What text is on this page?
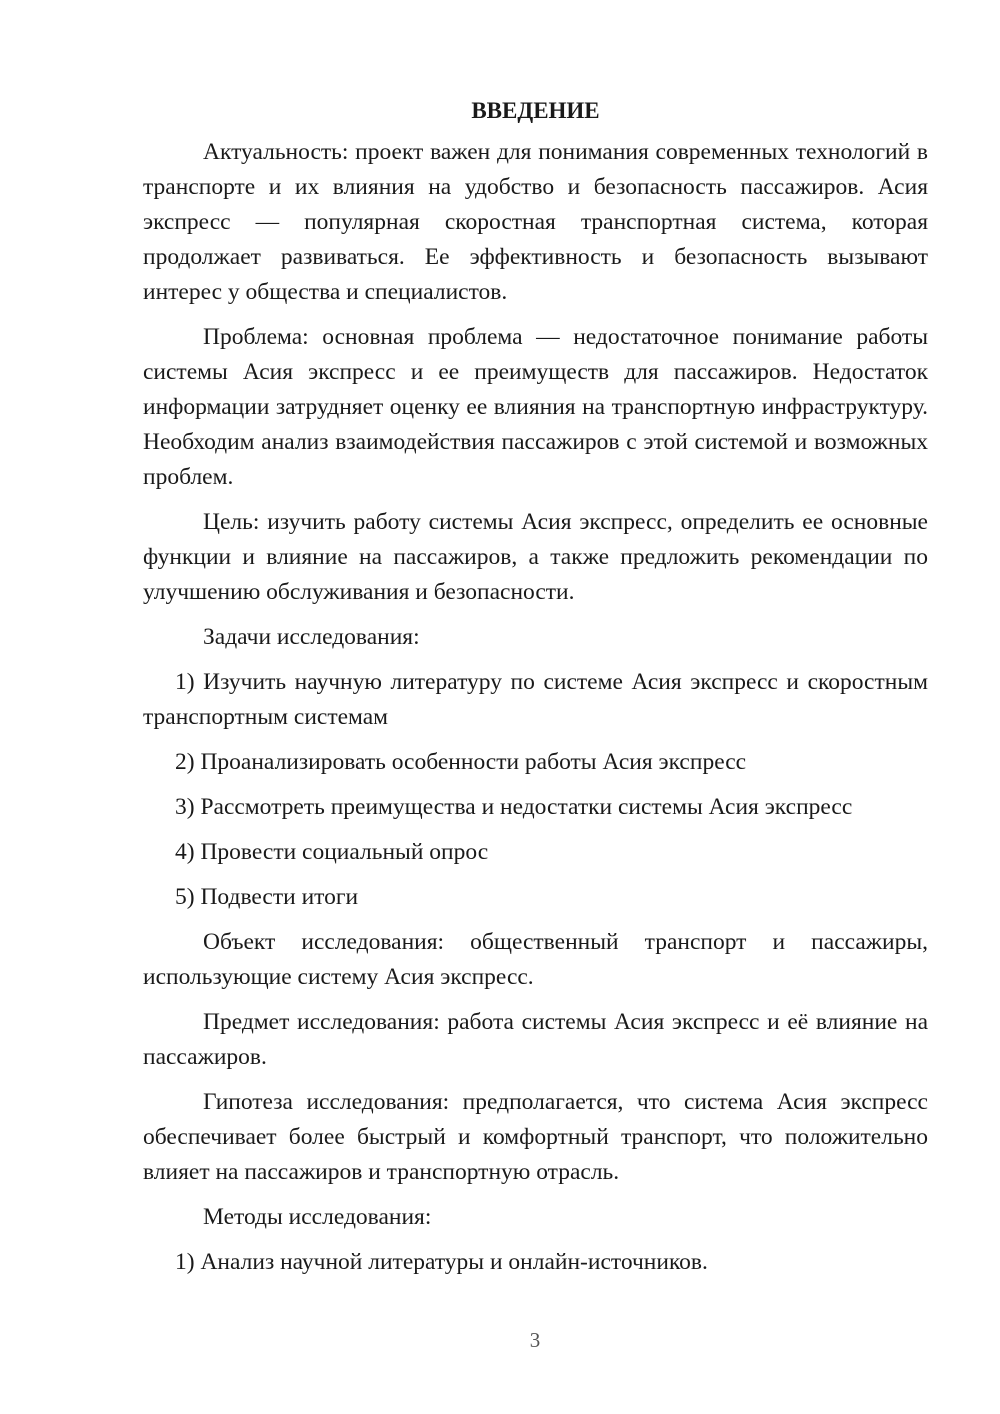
ВВЕДЕНИЕ

Актуальность: проект важен для понимания современных технологий в транспорте и их влияния на удобство и безопасность пассажиров. Асия экспресс — популярная скоростная транспортная система, которая продолжает развиваться. Ее эффективность и безопасность вызывают интерес у общества и специалистов.

Проблема: основная проблема — недостаточное понимание работы системы Асия экспресс и ее преимуществ для пассажиров. Недостаток информации затрудняет оценку ее влияния на транспортную инфраструктуру. Необходим анализ взаимодействия пассажиров с этой системой и возможных проблем.

Цель: изучить работу системы Асия экспресс, определить ее основные функции и влияние на пассажиров, а также предложить рекомендации по улучшению обслуживания и безопасности.

Задачи исследования:

1) Изучить научную литературу по системе Асия экспресс и скоростным транспортным системам

2) Проанализировать особенности работы Асия экспресс

3) Рассмотреть преимущества и недостатки системы Асия экспресс

4) Провести социальный опрос

5) Подвести итоги

Объект исследования: общественный транспорт и пассажиры, использующие систему Асия экспресс.

Предмет исследования: работа системы Асия экспресс и её влияние на пассажиров.

Гипотеза исследования: предполагается, что система Асия экспресс обеспечивает более быстрый и комфортный транспорт, что положительно влияет на пассажиров и транспортную отрасль.

Методы исследования:

1) Анализ научной литературы и онлайн-источников.

3
